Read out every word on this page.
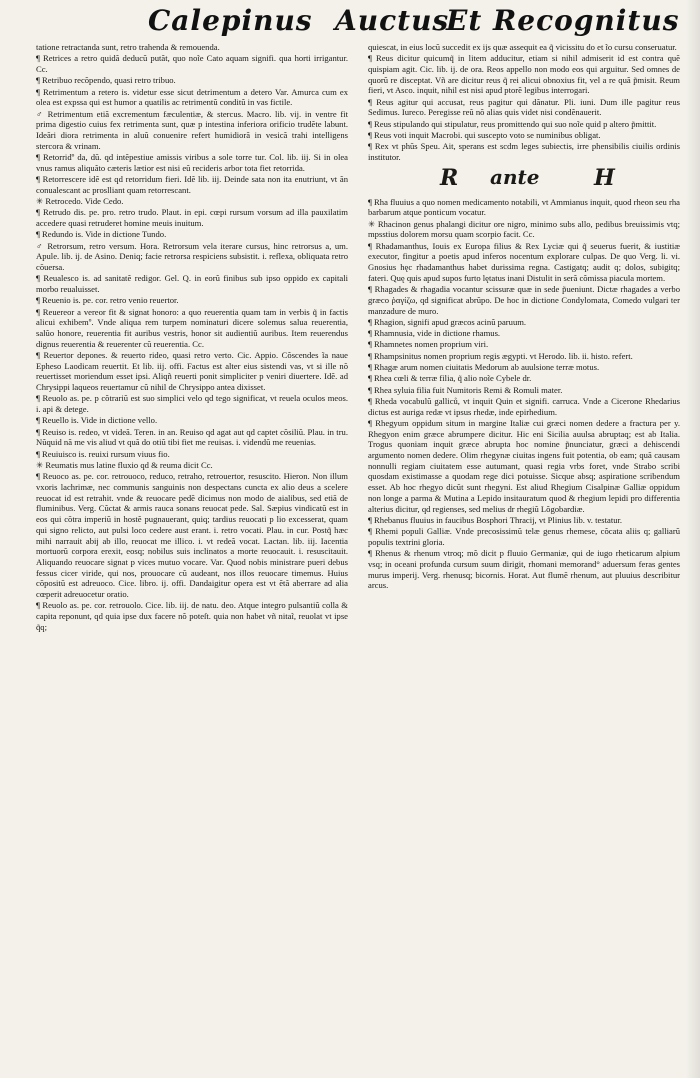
Calepinus Auctus
Et Recognitus

tatione retractanda sunt, retro trahenda & remouenda.

¶ Retrices a retro quidã deducũ putãt, quo noĩe Cato aquam signifi. qua horti irrigantur. Cc.

¶ Retribuo recõpendo, quasi retro tribuo.

¶ Retrimentum a retero is. videtur esse sicut detrimentum a detero Var. Amurca cum ex olea est expssa qui est humor a quatilis ac retrimentũ conditũ in vas fictile.

♂ Retrimentum etiã excrementum fæculentiæ, & stercus. Macro. lib. vij. in ventre fit prima digestio cuius fex retrimenta sunt, quæ p intestina inferiora orificio trudẽte labunt. Ideãri diora retrimenta in aluũ conuenire refert humidiorã in vesicã trahi intelligens stercora & vrinam.

¶ Retorridº da, dũ. qd intẽpestiue amissis viribus a sole torre tur. Col. lib. iij. Si in olea vnus ramus aliquãto cæteris lætior est nisi eũ recideris arbor tota fiet retorrida.

¶ Retorrescere idẽ est qd retorridum fieri. Idẽ lib. iij. Deinde sata non ita enutriunt, vt ãn conualescant ac proslliant quam retorrescant.

✳ Retrocedo. Vide Cedo.

¶ Retrudo dis. pe. pro. retro trudo. Plaut. in epi. cœpi rursum vorsum ad illa pauxilatim accedere quasi retruderet homine meuis inuitum.

¶ Redundo is. Vide in dictione Tundo.

♂ Retrorsum, retro versum. Hora. Retrorsum vela iterare cursus, hinc retrorsus a, um. Apule. lib. ij. de Asino. Deniq; facie retrorsa respiciens subsistit. i. reflexa, obliquata retro cõuersa.

¶ Reualesco is. ad sanitatẽ redigor. Gel. Q. in eorũ finibus sub ipso oppido ex capitali morbo reualuisset.

¶ Reuenio is. pe. cor. retro venio reuertor.

¶ Reuereor a vereor fit & signat honoro: a quo reuerentia quam tam in verbis q̃ in factis alicui exhibemº. Vnde aliqua rem turpem nominaturi dicere solemus salua reuerentia, salũo honore, reuerentia fit auribus vestris, honor sit audientiũ auribus. Item reuerendus dignus reuerentia & reuerenter cũ reuerentia. Cc.

¶ Reuertor depones. & reuerto rideo, quasi retro verto. Cic. Appio. Cõscendes ĩa naue Epheso Laodicam reuertit. Et lib. iij. offi. Factus est alter eius sistendi vas, vt si ille nõ reuertisset moriendum esset ipsi. Aliqñ reuerti ponit simpliciter p veniri diuertere. Idẽ. ad Chrysippi laqueos reuertamur cũ nihil de Chrysippo antea dixisset.

¶ Reuolo as. pe. p cõtrariũ est suo simplici velo qd tego significat, vt reuela oculos meos. i. api & detege.

¶ Reuello is. Vide in dictione vello.

¶ Reuiso is. redeo, vt videã. Teren. in an. Reuiso qd agat aut qd captet cõsiliũ. Plau. in tru. Nũquid nã me vis aliud vt quã do otiũ tibi fiet me reuisas. i. videndũ me reuenias.

¶ Reuiuisco is. reuixi rursum viuus fio.

✳ Reumatis mus latine fluxio qd & reuma dicit Cc.

¶ Reuoco as. pe. cor. retrouoco, reduco, retraho, retrouertor, resuscito. Hieron. Non illum vxoris lachrimæ, nec communis sanguinis non despectans cuncta ex alio deus a scelere reuocat id est retrahit. vnde & reuocare pedẽ dicimus non modo de aialibus, sed etiã de fluminibus. Verg. Cũctat & armis rauca sonans reuocat pede. Sal. Sæpius vindicatũ est in eos qui cõtra imperiũ in hostẽ pugnauerant, quiq; tardius reuocati p lio excesserat, quam qui signo relicto, aut pulsi loco cedere aust erant. i. retro vocati. Plau. in cur. Postq̃ hæc mihi narrauit abij ab illo, reuocat me illico. i. vt redeã vocat. Lactan. lib. iij. Iacentia mortuorũ corpora erexit, eosq; nobilus suis inclinatos a morte reuocauit. i. resuscitauit. Aliquando reuocare signat p vices mutuo vocare. Var. Quod nobis ministrare pueri debus fessus cicer viride, qui nos, prouocare cũ audeant, nos illos reuocare timemus. Huius cõpositũ est adreuoco. Cice. libro. ij. offi. Dandaigitur opera est vt ẽtã aberrare ad alia cœperit adreuocetur oratio.

¶ Reuolo as. pe. cor. retrouolo. Cice. lib. iij. de natu. deo. Atque integro pulsantiũ colla & capita reponunt, qd quia ipse dux facere nõ poteſt. quia non habet vñ nitaĩ, reuolat vt ipse q̃q;

quiescat, in eius locũ succedit ex ijs quæ assequit ea q̃ vicissitu do et ĩo cursu conseruatur.

¶ Reus dicitur quicumq̃ in litem adducitur, etiam si nihil admiserit id est contra quẽ quispiam agit. Cic. lib. ij. de ora. Reos appello non modo eos qui arguitur. Sed omnes de quorũ re disceptat. Vñ are dicitur reus q̃ rei alicui obnoxius fit, vel a re quã p̃misit. Reum fieri, vt Asco. inquit, nihil est nisi apud ptorẽ legibus interrogari.

¶ Reus agitur qui accusat, reus pagitur qui dãnatur. Pli. iuni. Dum ille pagitur reus Sedimus. Iureco. Peregisse reũ nõ alias quis videt nisi condẽnauerit.

¶ Reus stipulando qui stipulatur, reus promittendo qui suo noĩe quid p altero p̃mittit.

¶ Reus voti inquit Macrobi. qui suscepto voto se numinibus obligat.

¶ Rex vt phũs Speu. Ait, sperans est scdm leges subiectis, irre phensibilis ciuilis ordinis institutor.

R ante H

¶ Rha fluuius a quo nomen medicamento notabili, vt Ammianus inquit, quod rheon seu rha barbarum atque ponticum vocatur.

✳ Rhacinon genus phalangi dicitur ore nigro, minimo subs allo, pedibus breuissimis vtq; mpsstius dolorem morsu quam scorpio facit. Cc.

¶ Rhadamanthus, Iouis ex Europa filius & Rex Lyciæ qui q̃ seuerus fuerit, & iustitiæ executor, fingitur a poetis apud inferos nocentum explorare culpas. De quo Verg. li. vi. Gnosius hęc rhadamanthus habet durissima regna. Castigatq; audit q; dolos, subigitq; fateri. Quę quis apud supos furto lętatus inani Distulit in serã cõmissa piacula mortem.

¶ Rhagades & rhagadia vocantur scissuræ quæ in sede p̃ueniunt. Dictæ rhagades a verbo græco ῥαγίζω, qd significat abrũpo. De hoc in dictione Condylomata, Comedo vulgari ter manzadure de muro.

¶ Rhagion, signifi apud græcos acinũ paruum.

¶ Rhamnusia, vide in dictione rhamus.

¶ Rhamnetes nomen proprium viri.

¶ Rhampsinitus nomen proprium regis ægypti. vt Herodo. lib. ii. histo. refert.

¶ Rhagæ arum nomen ciuitatis Medorum ab auulsione terræ motus.

¶ Rhea cœli & terræ filia, q̃ alio noĩe Cybele dr.

¶ Rhea syluia filia fuit Numitoris Remi & Romuli mater.

¶ Rheda vocabulũ galliců, vt inquit Quin et signifi. carruca. Vnde a Cicerone Rhedarius dictus est auriga redæ vt ipsus rhedæ, inde epirhedium.

¶ Rhegyum oppidum situm in margine Italiæ cui græci nomen dedere a fractura per y. Rhegyon enim græce abrumpere dicitur. Hic eni Sicilia auulsa abruptaq; est ab Italia. Trogus quoniam inquit græce abrupta hoc nomine p̃nunciatur, græci a dehiscendi argumento nomen dedere. Olim rhegynæ ciuitas ingens fuit potentia, ob eam; quã causam nonnulli regiam ciuitatem esse autumant, quasi regia vrbs foret, vnde Strabo scribi quosdam existimasse a quodam rege dici potuisse. Sicque absq; aspiratione scribendum esset. Ab hoc rhegyo dicũt sunt rhegyni. Est aliud Rhegium Cisalpinæ Galliæ oppidum non longe a parma & Mutina a Lepido insitauratum quod & rhegium lepidi pro differentia alterius dicitur, qd regienses, sed melius dr rhegiũ Lõgobardiæ.

¶ Rhebanus fluuius in faucibus Bosphori Thracij, vt Plinius lib. v. testatur.

¶ Rhemi populi Galliæ. Vnde precosissimũ telæ genus rhemese, cõcata aliis q; galliarũ populis textrini gloria.

¶ Rhenus & rhenum vtroq; mõ dicit p fluuio Germaniæ, qui de iugo rheticarum alpium vsq; in oceani profunda cursum suum dirigit, rhomani memorand° aduersum feras gentes murus imperij. Verg. rhenusq; bicornis. Horat. Aut flumẽ rhenum, aut pluuius describitur arcus.
